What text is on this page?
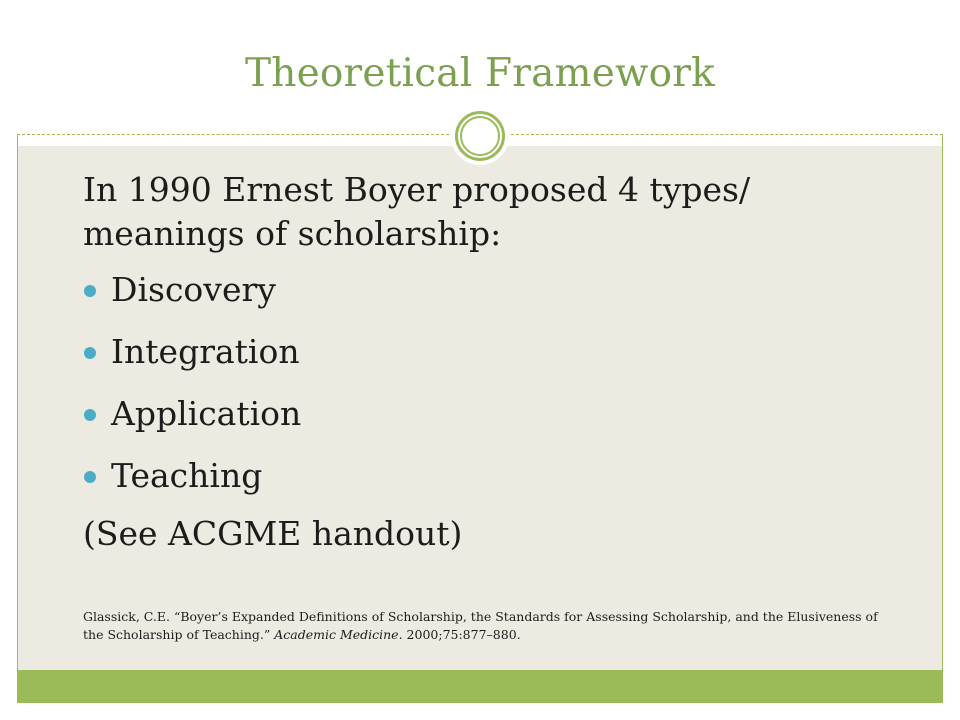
Theoretical Framework

In 1990 Ernest Boyer proposed 4 types/ meanings of scholarship:

Discovery
Integration
Application
Teaching
(See ACGME handout)
Glassick, C.E. “Boyer’s Expanded Definitions of Scholarship, the Standards for Assessing Scholarship, and the Elusiveness of the Scholarship of Teaching.” Academic Medicine. 2000;75:877–880.
